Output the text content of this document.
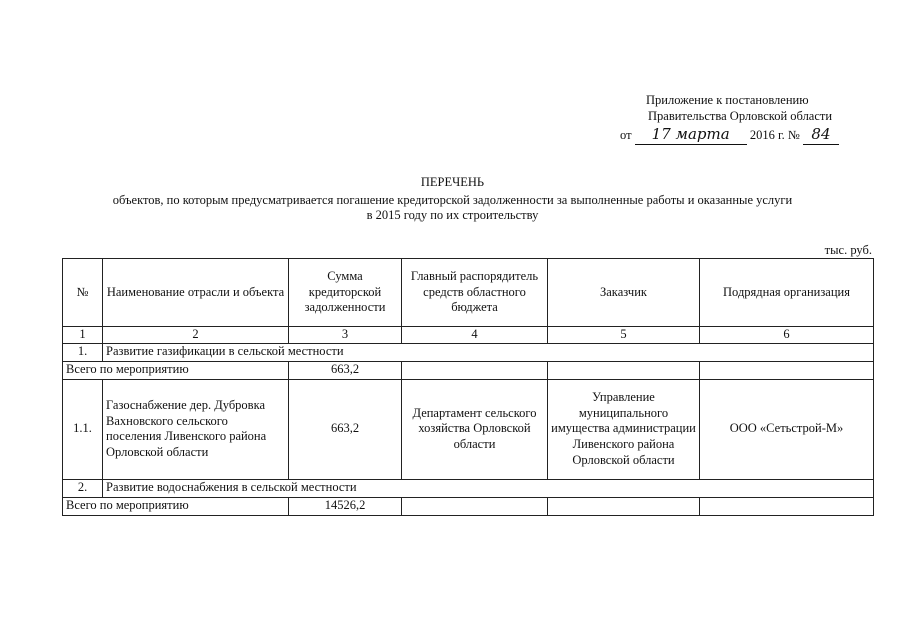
Приложение к постановлению
Правительства Орловской области
от 17 марта 2016 г. № 84
ПЕРЕЧЕНЬ
объектов, по которым предусматривается погашение кредиторской задолженности за выполненные работы и оказанные услуги
в 2015 году по их строительству
тыс. руб.
№	Наименование отрасли и объекта	Сумма кредиторской задолженности	Главный распорядитель средств областного бюджета	Заказчик	Подрядная организация
1	2	3	4	5	6
1.	Развитие газификации в сельской местности				
Всего по мероприятию		663,2			
1.1.	Газоснабжение дер. Дубровка Вахновского сельского поселения Ливенского района Орловской области	663,2	Департамент сельского хозяйства Орловской области	Управление муниципального имущества администрации Ливенского района Орловской области	ООО «Сетьстрой-М»
2.	Развитие водоснабжения в сельской местности				
Всего по мероприятию		14526,2			
